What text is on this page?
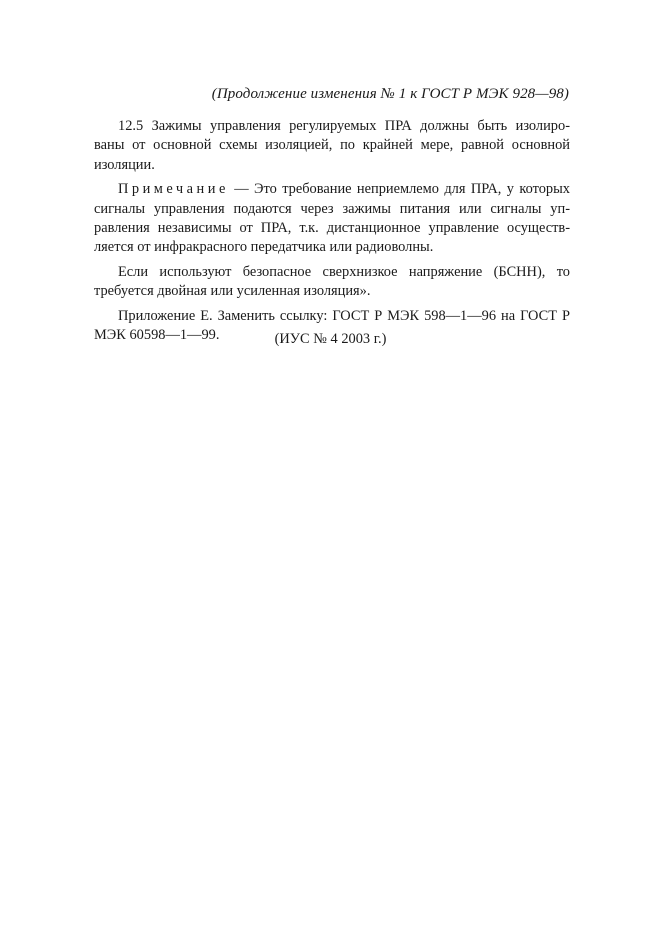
(Продолжение изменения № 1 к ГОСТ Р МЭК 928—98)
12.5 Зажимы управления регулируемых ПРА должны быть изолиро-
ваны от основной схемы изоляцией, по крайней мере, равной основной
изоляции.
Примечание — Это требование неприемлемо для ПРА, у которых
сигналы управления подаются через зажимы питания или сигналы уп-
равления независимы от ПРА, т.к. дистанционное управление осуществ-
ляется от инфракрасного передатчика или радиоволны.
Если используют безопасное сверхнизкое напряжение (БСНН), то
требуется двойная или усиленная изоляция».
Приложение Е. Заменить ссылку: ГОСТ Р МЭК 598—1—96 на ГОСТ Р
МЭК 60598—1—99.	(ИУС № 4 2003 г.)
